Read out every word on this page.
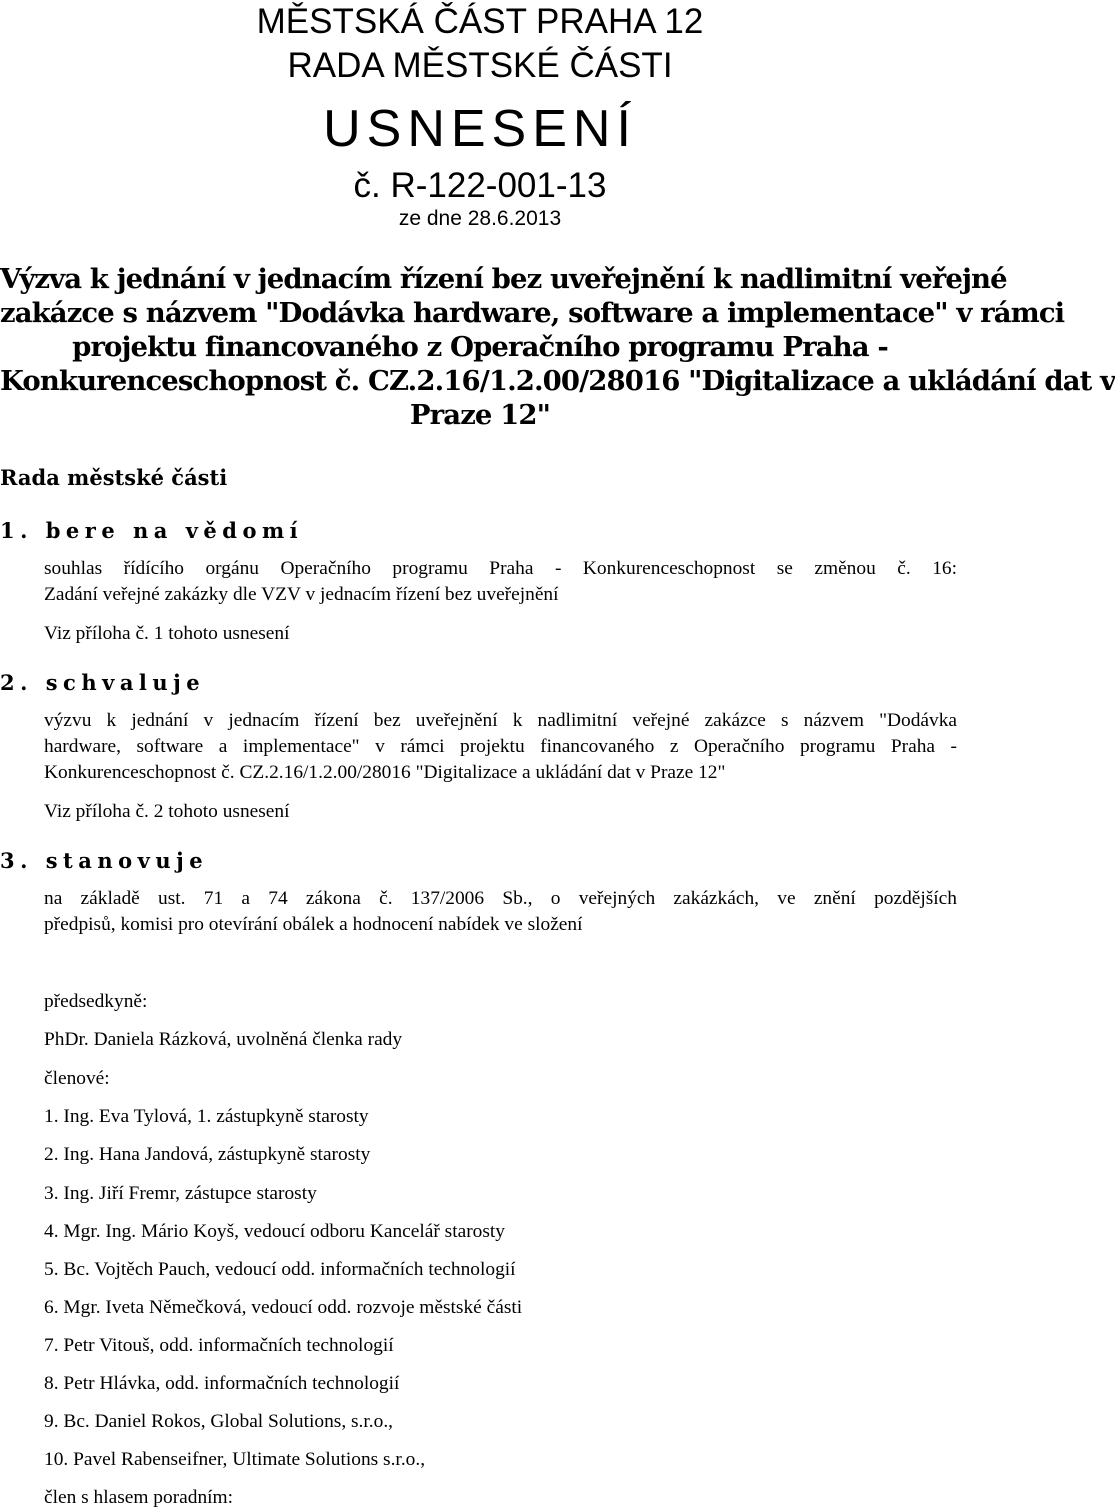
MĚSTSKÁ ČÁST PRAHA 12
RADA MĚSTSKÉ ČÁSTI
USNESENÍ
č. R-122-001-13
ze dne 28.6.2013
Výzva k jednání v jednacím řízení bez uveřejnění k nadlimitní veřejné
zakázce s názvem "Dodávka hardware, software a implementace" v rámci
projektu financovaného z Operačního programu Praha -
Konkurenceschopnost č. CZ.2.16/1.2.00/28016 "Digitalizace a ukládání dat v
Praze 12"
Rada městské části
1. bere na vědomí
souhlas řídícího orgánu Operačního programu Praha - Konkurenceschopnost se změnou č. 16:
Zadání veřejné zakázky dle VZV v jednacím řízení bez uveřejnění
Viz příloha č. 1 tohoto usnesení
2. schvaluje
výzvu k jednání v jednacím řízení bez uveřejnění k nadlimitní veřejné zakázce s názvem "Dodávka
hardware, software a implementace" v rámci projektu financovaného z Operačního programu Praha -
Konkurenceschopnost č. CZ.2.16/1.2.00/28016 "Digitalizace a ukládání dat v Praze 12"
Viz příloha č. 2 tohoto usnesení
3. stanovuje
na základě ust. 71 a 74 zákona č. 137/2006 Sb., o veřejných zakázkách, ve znění pozdějších
předpisů, komisi pro otevírání obálek a hodnocení nabídek ve složení
předsedkyně:
PhDr. Daniela Rázková, uvolněná členka rady
členové:
1. Ing. Eva Tylová, 1. zástupkyně starosty
2. Ing. Hana Jandová, zástupkyně starosty
3. Ing. Jiří Fremr, zástupce starosty
4. Mgr. Ing. Mário Koyš, vedoucí odboru Kancelář starosty
5. Bc. Vojtěch Pauch, vedoucí odd. informačních technologií
6. Mgr. Iveta Němečková, vedoucí odd. rozvoje městské části
7. Petr Vitouš, odd. informačních technologií
8. Petr Hlávka, odd. informačních technologií
9. Bc. Daniel Rokos, Global Solutions, s.r.o.,
10. Pavel Rabenseifner, Ultimate Solutions s.r.o.,
člen s hlasem poradním:
